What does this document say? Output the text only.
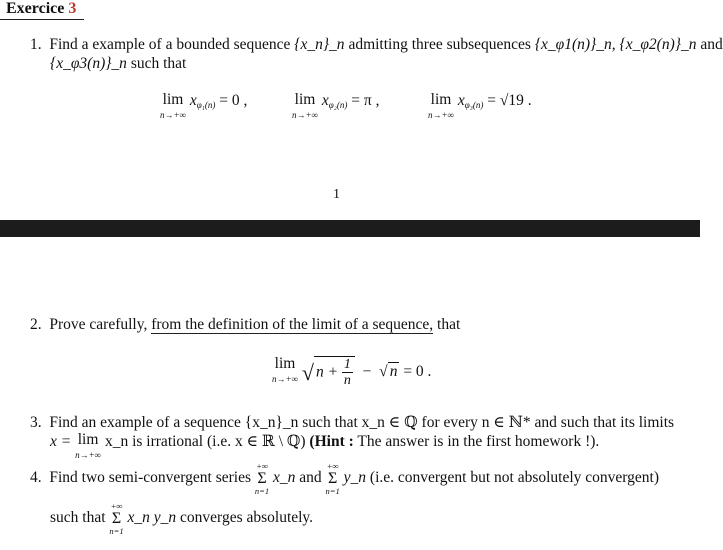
Exercice 3
1. Find a example of a bounded sequence {x_n}_n admitting three subsequences {x_φ1(n)}_n, {x_φ2(n)}_n and
{x_φ3(n)}_n such that
lim
n→+∞
$x_{\varphi_1(n)} = 0$ ,	lim
n→+∞
$x_{\varphi_2(n)} = \pi$ ,	lim
n→+∞
$x_{\varphi_3(n)} = √19$ .
1
2. Prove carefully, from the definition of the limit of a sequence, that
lim
n→+∞ √ $n + \frac{1}{n}$ −  √ n = 0 .
3. Find an example of a sequence {x_n}_n such that x_n ∈ ℚ for every n ∈ ℕ* and such that its limits
x = lim
n→+∞
x_n is irrational (i.e. x ∈ ℝ \ ℚ) (Hint : The answer is in the first homework !).
4. Find two semi-convergent series
+∞
Σ
n=1
x_n and
+∞
Σ
n=1
y_n (i.e. convergent but not absolutely convergent)
such that
+∞
Σ
n=1
x_n y_n converges absolutely.
